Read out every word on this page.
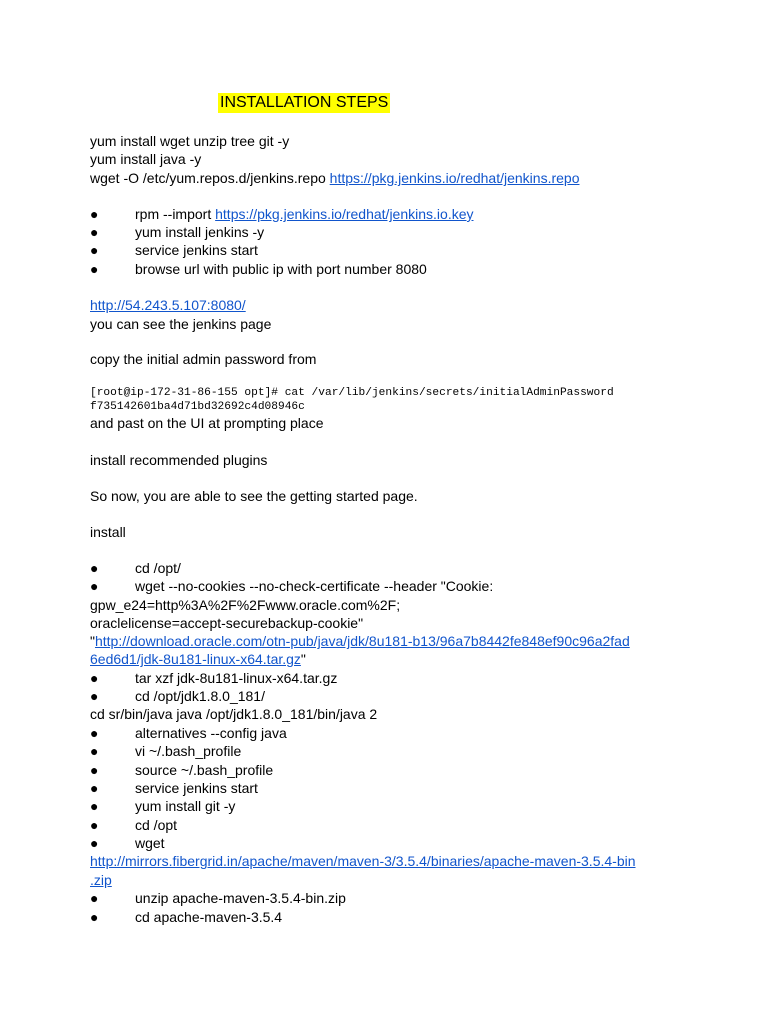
INSTALLATION STEPS
yum install wget unzip tree git -y
yum install java -y
wget -O /etc/yum.repos.d/jenkins.repo https://pkg.jenkins.io/redhat/jenkins.repo
●	rpm --import https://pkg.jenkins.io/redhat/jenkins.io.key
●	yum install jenkins -y
●	service jenkins start
●	browse url with public ip with port number 8080
http://54.243.5.107:8080/
you can see the jenkins page
copy the initial admin password from
[root@ip-172-31-86-155 opt]# cat /var/lib/jenkins/secrets/initialAdminPassword
f735142601ba4d71bd32692c4d08946c
and past on the UI at prompting place
install recommended plugins
So now, you are able to see the getting started page.
install
●	cd /opt/
●	wget --no-cookies --no-check-certificate --header "Cookie:
gpw_e24=http%3A%2F%2Fwww.oracle.com%2F;
oraclelicense=accept-securebackup-cookie"
"http://download.oracle.com/otn-pub/java/jdk/8u181-b13/96a7b8442fe848ef90c96a2fad
6ed6d1/jdk-8u181-linux-x64.tar.gz"
●	tar xzf jdk-8u181-linux-x64.tar.gz
●	cd /opt/jdk1.8.0_181/
cd sr/bin/java java /opt/jdk1.8.0_181/bin/java 2
●	alternatives --config java
●	vi ~/.bash_profile
●	source ~/.bash_profile
●	service jenkins start
●	yum install git -y
●	cd /opt
●	wget
http://mirrors.fibergrid.in/apache/maven/maven-3/3.5.4/binaries/apache-maven-3.5.4-bin
.zip
●	unzip apache-maven-3.5.4-bin.zip
●	cd apache-maven-3.5.4
